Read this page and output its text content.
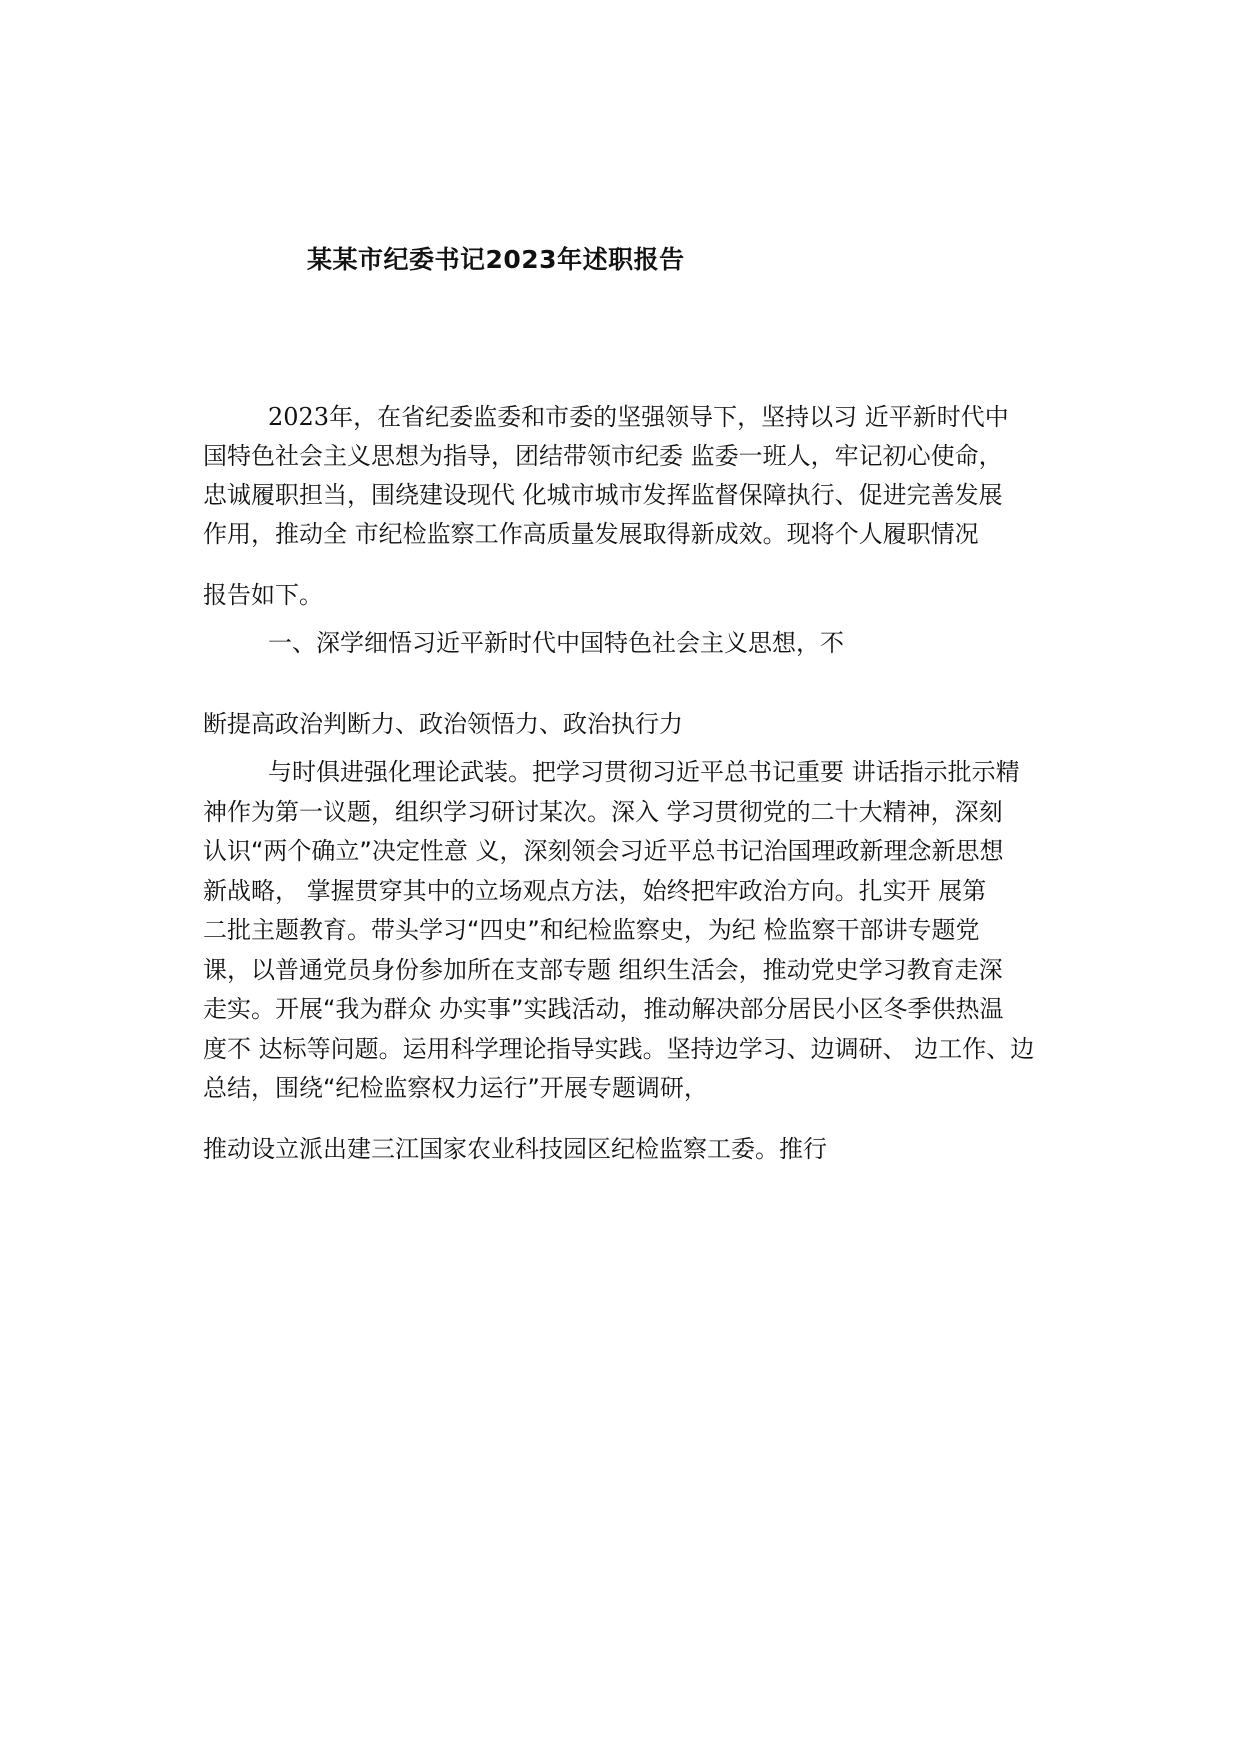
某某市纪委书记2023年述职报告
2023年，在省纪委监委和市委的坚强领导下，坚持以习 近平新时代中
国特色社会主义思想为指导，团结带领市纪委 监委一班人，牢记初心使命，
忠诚履职担当，围绕建设现代 化城市城市发挥监督保障执行、促进完善发展
作用，推动全 市纪检监察工作高质量发展取得新成效。现将个人履职情况
报告如下。
一、深学细悟习近平新时代中国特色社会主义思想，不
断提高政治判断力、政治领悟力、政治执行力
与时俱进强化理论武装。把学习贯彻习近平总书记重要 讲话指示批示精
神作为第一议题，组织学习研讨某次。深入 学习贯彻党的二十大精神，深刻
认识“两个确立”决定性意 义，深刻领会习近平总书记治国理政新理念新思想
新战略， 掌握贯穿其中的立场观点方法，始终把牢政治方向。扎实开 展第
二批主题教育。带头学习“四史”和纪检监察史，为纪 检监察干部讲专题党
课，以普通党员身份参加所在支部专题 组织生活会，推动党史学习教育走深
走实。开展“我为群众 办实事”实践活动，推动解决部分居民小区冬季供热温
度不 达标等问题。运用科学理论指导实践。坚持边学习、边调研、 边工作、边
总结，围绕“纪检监察权力运行”开展专题调研，
推动设立派出建三江国家农业科技园区纪检监察工委。推行
